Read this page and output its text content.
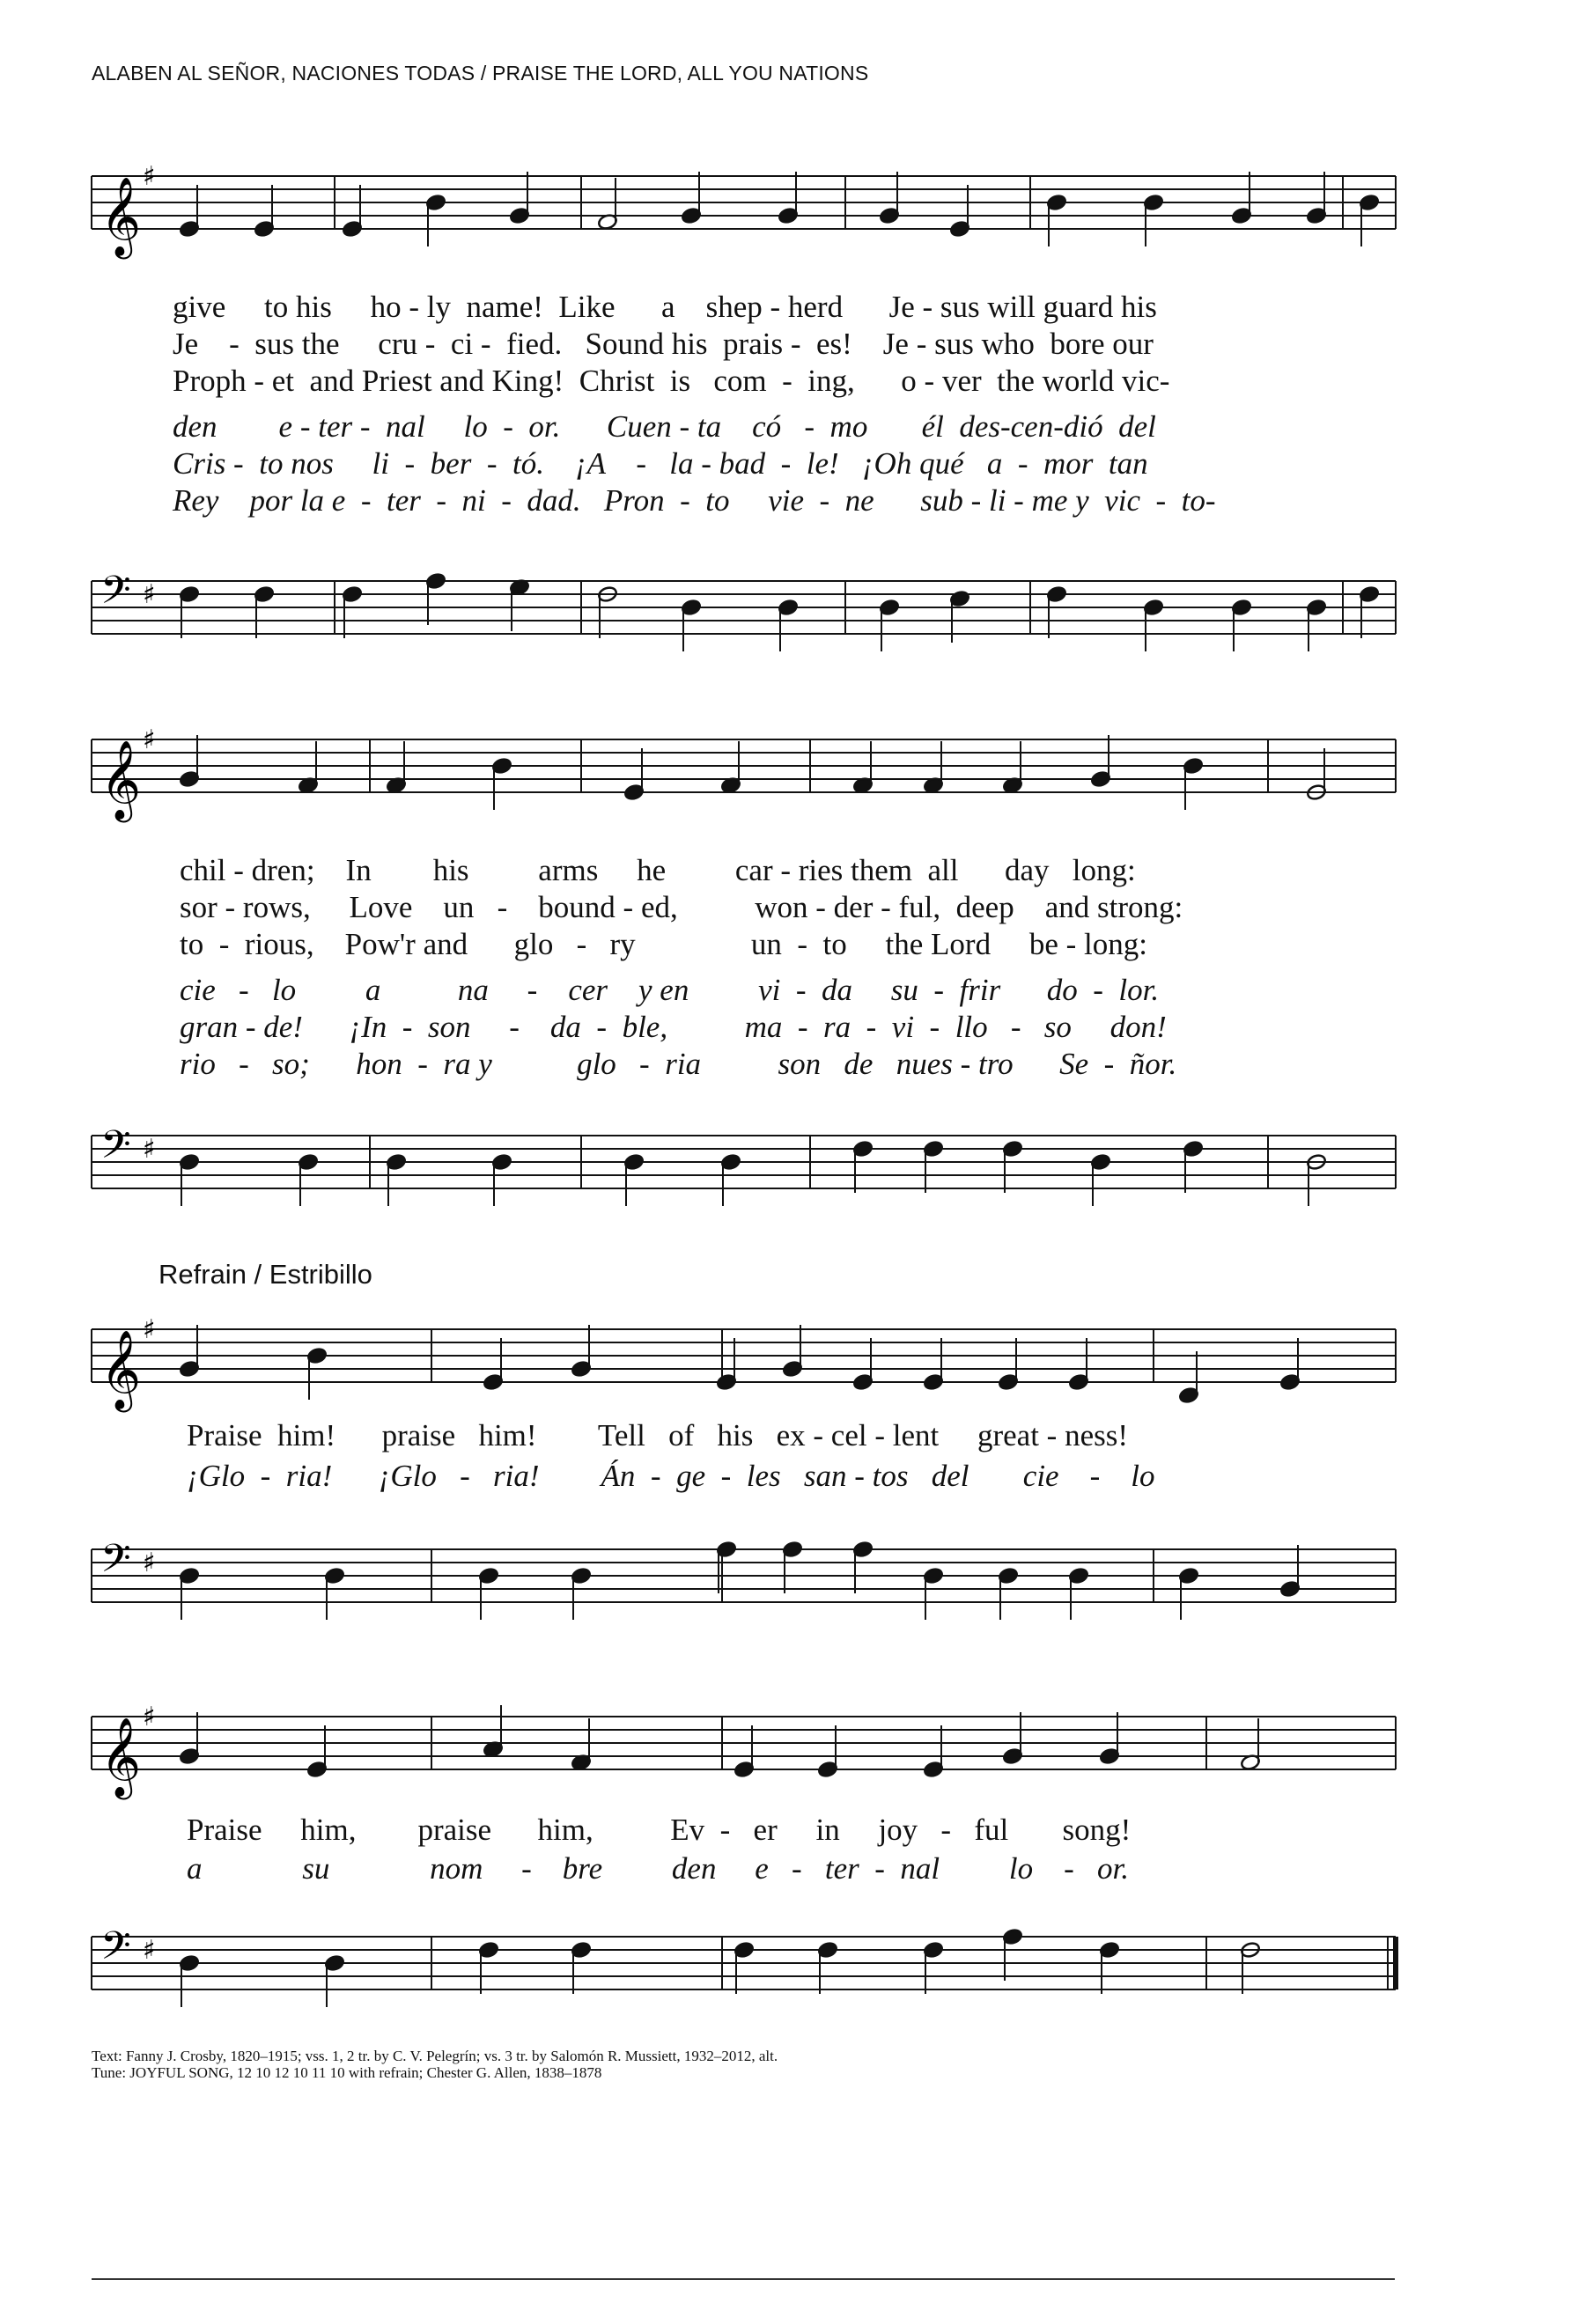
ALABEN AL SEÑOR, NACIONES TODAS / PRAISE THE LORD, ALL YOU NATIONS
𝄞
♯
give     to his     ho - ly  name!  Like      a    shep - herd      Je - sus will guard his
Je    -  sus the     cru -  ci -  fied.   Sound his  prais -  es!    Je - sus who  bore our
Proph - et  and Priest and King!  Christ  is   com  -  ing,      o - ver  the world vic-
den        e - ter -  nal     lo  -  or.      Cuen - ta    có   -  mo       él  des-cen-dió  del
Cris -  to nos     li  -  ber  -  tó.    ¡A    -   la - bad  -  le!   ¡Oh qué   a  -  mor  tan
Rey    por la e  -  ter  -  ni  -  dad.   Pron  -  to     vie  -  ne      sub - li - me y  vic  -  to-
𝄢 ♯
𝄞
♯
chil - dren;    In        his         arms     he         car - ries them  all      day   long:
sor - rows,     Love    un   -    bound - ed,          won - der - ful,  deep    and strong:
to  -  rious,    Pow'r and      glo   -   ry               un  -  to     the Lord     be - long:
cie   -   lo         a          na     -    cer    y en         vi  -  da     su  -  frir      do  -  lor.
gran - de!      ¡In  -  son     -    da  -  ble,          ma  -  ra  -  vi  -  llo   -   so     don!
rio   -   so;      hon  -  ra y           glo   -  ria          son   de   nues - tro      Se  -  ñor.
𝄢 ♯
Refrain / Estribillo
𝄞
♯
Praise  him!      praise   him!        Tell   of   his   ex - cel - lent     great - ness!
¡Glo  -  ria!      ¡Glo   -   ria!        Án  -  ge  -  les   san - tos   del       cie    -    lo
𝄢 ♯
𝄞
♯
Praise     him,        praise      him,          Ev  -   er     in     joy   -   ful       song!
a             su             nom     -    bre         den     e   -   ter  -  nal         lo    -   or.
𝄢 ♯
Text: Fanny J. Crosby, 1820–1915; vss. 1, 2 tr. by C. V. Pelegrín; vs. 3 tr. by Salomón R. Mussiett, 1932–2012, alt.
Tune: JOYFUL SONG, 12 10 12 10 11 10 with refrain; Chester G. Allen, 1838–1878
